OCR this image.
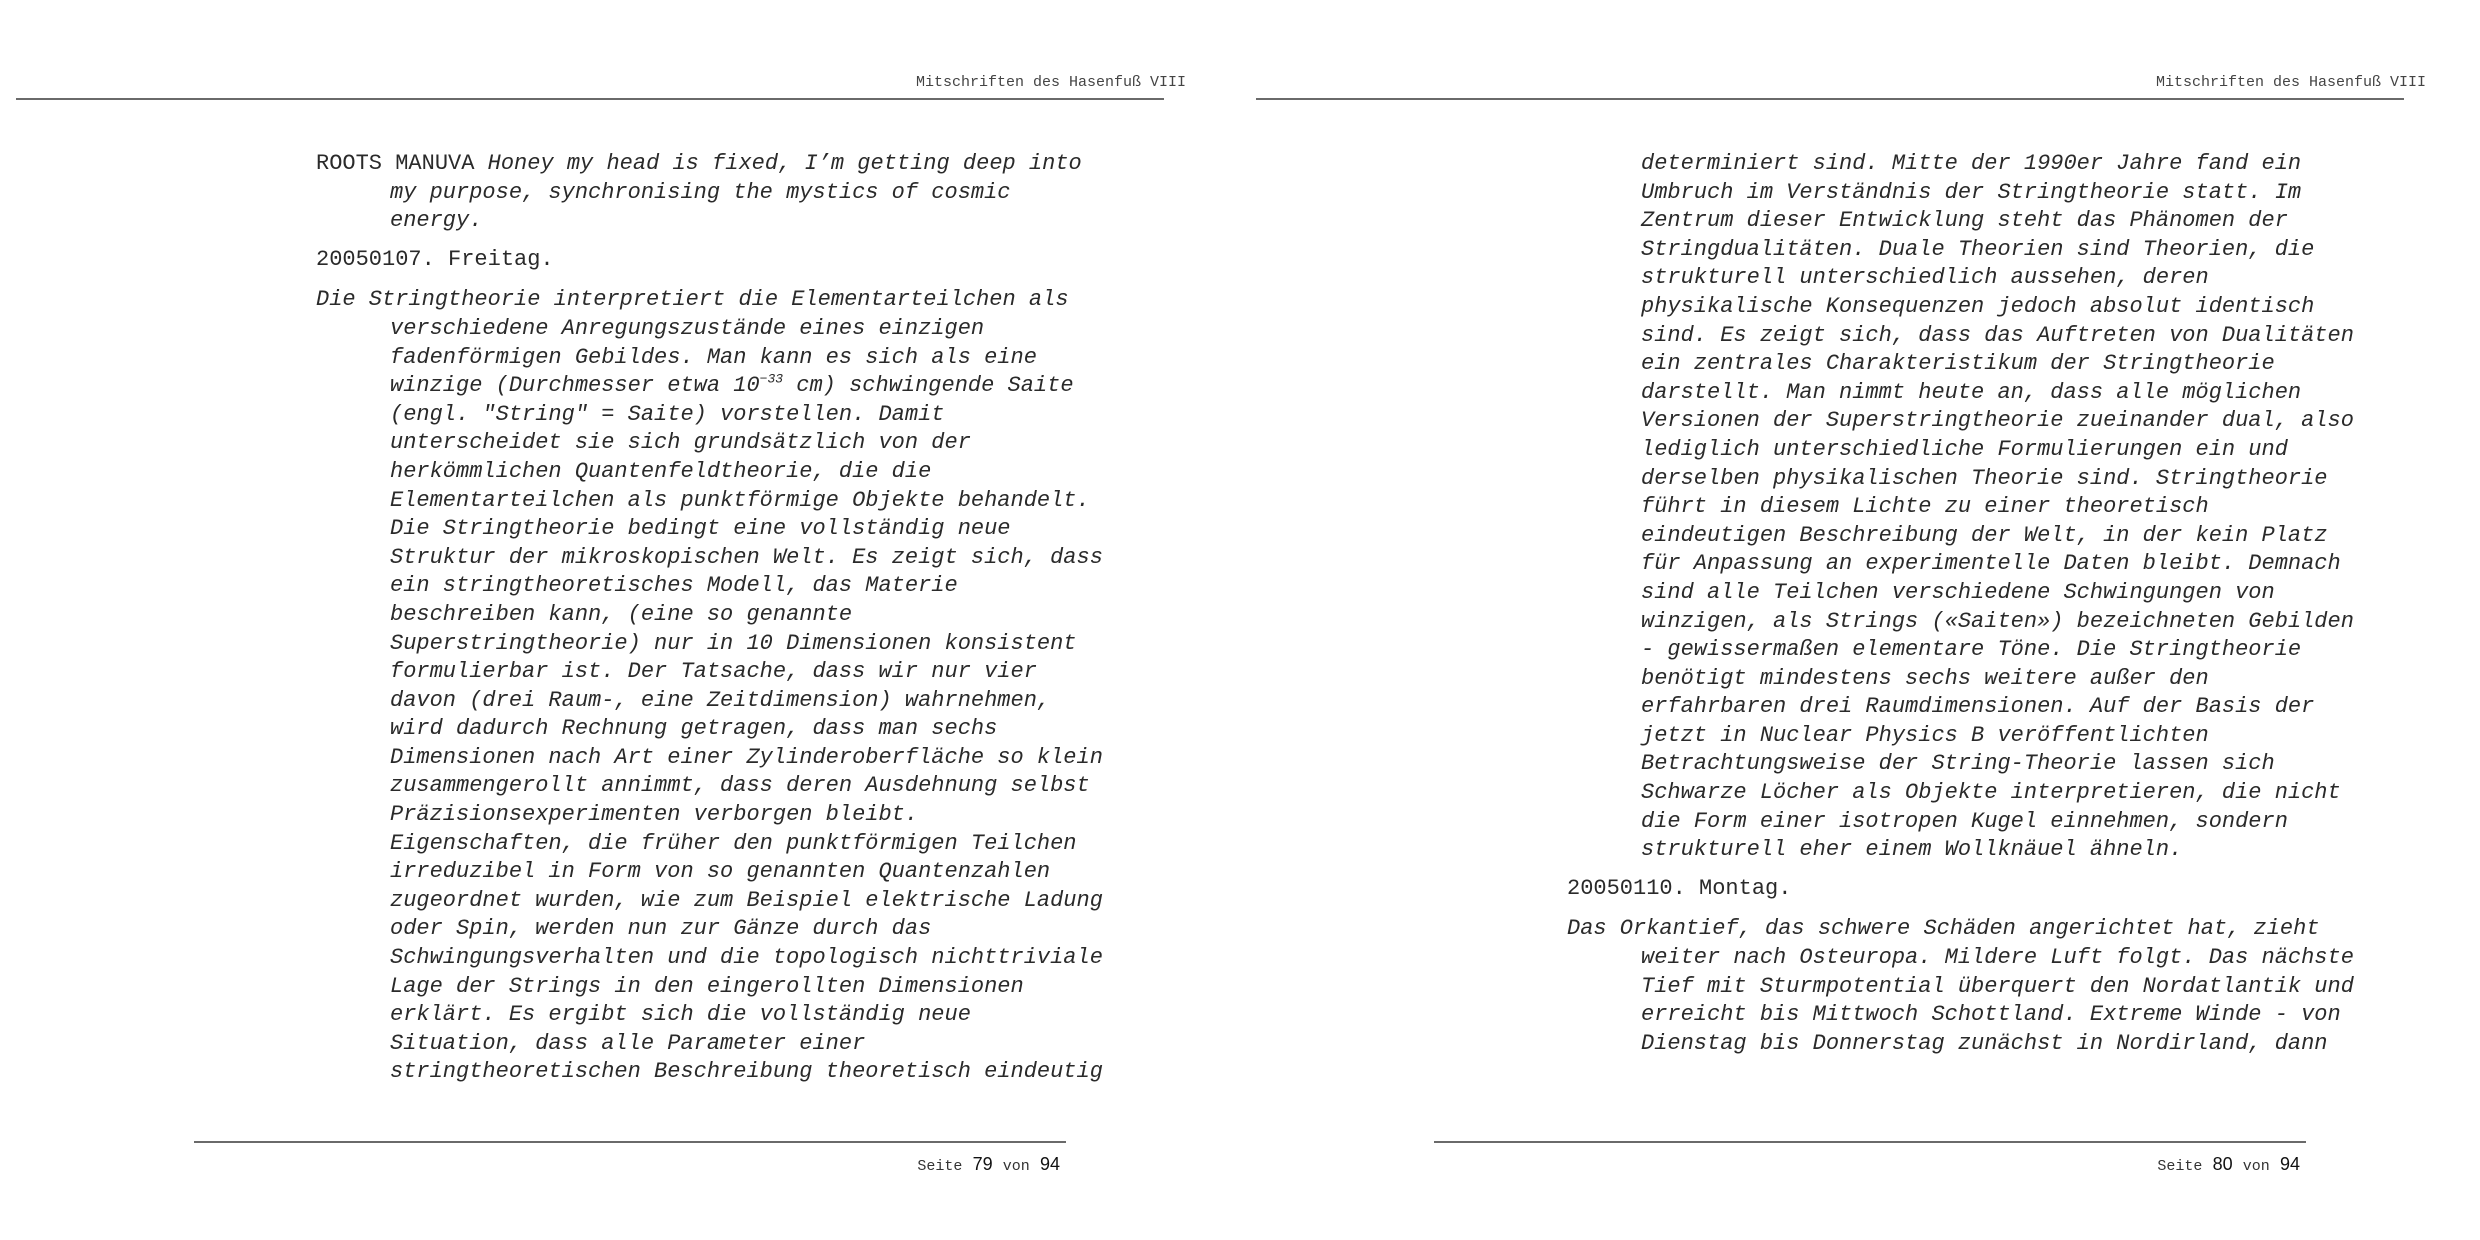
Mitschriften des Hasenfuß VIII

ROOTS MANUVA Honey my head is fixed, I’m getting deep into my purpose, synchronising the mystics of cosmic energy.

20050107. Freitag.

Die Stringtheorie interpretiert die Elementarteilchen als verschiedene Anregungszustände eines einzigen fadenförmigen Gebildes. Man kann es sich als eine winzige (Durchmesser etwa $10^{-33}$ cm) schwingende Saite (engl. "String" = Saite) vorstellen. Damit unterscheidet sie sich grundsätzlich von der herkömmlichen Quantenfeldtheorie, die die Elementarteilchen als punktförmige Objekte behandelt. Die Stringtheorie bedingt eine vollständig neue Struktur der mikroskopischen Welt. Es zeigt sich, dass ein stringtheoretisches Modell, das Materie beschreiben kann, (eine so genannte Superstringtheorie) nur in 10 Dimensionen konsistent formulierbar ist. Der Tatsache, dass wir nur vier davon (drei Raum-, eine Zeitdimension) wahrnehmen, wird dadurch Rechnung getragen, dass man sechs Dimensionen nach Art einer Zylinderoberfläche so klein zusammengerollt annimmt, dass deren Ausdehnung selbst Präzisionsexperimenten verborgen bleibt. Eigenschaften, die früher den punktförmigen Teilchen irreduzibel in Form von so genannten Quantenzahlen zugeordnet wurden, wie zum Beispiel elektrische Ladung oder Spin, werden nun zur Gänze durch das Schwingungsverhalten und die topologisch nichttriviale Lage der Strings in den eingerollten Dimensionen erklärt. Es ergibt sich die vollständig neue Situation, dass alle Parameter einer stringtheoretischen Beschreibung theoretisch eindeutig

Seite 79 von 94
Mitschriften des Hasenfuß VIII

determiniert sind. Mitte der 1990er Jahre fand ein Umbruch im Verständnis der Stringtheorie statt. Im Zentrum dieser Entwicklung steht das Phänomen der Stringdualitäten. Duale Theorien sind Theorien, die strukturell unterschiedlich aussehen, deren physikalische Konsequenzen jedoch absolut identisch sind. Es zeigt sich, dass das Auftreten von Dualitäten ein zentrales Charakteristikum der Stringtheorie darstellt. Man nimmt heute an, dass alle möglichen Versionen der Superstringtheorie zueinander dual, also lediglich unterschiedliche Formulierungen ein und derselben physikalischen Theorie sind. Stringtheorie führt in diesem Lichte zu einer theoretisch eindeutigen Beschreibung der Welt, in der kein Platz für Anpassung an experimentelle Daten bleibt. Demnach sind alle Teilchen verschiedene Schwingungen von winzigen, als Strings («Saiten») bezeichneten Gebilden - gewissermaßen elementare Töne. Die Stringtheorie benötigt mindestens sechs weitere außer den erfahrbaren drei Raumdimensionen. Auf der Basis der jetzt in Nuclear Physics B veröffentlichten Betrachtungsweise der String-Theorie lassen sich Schwarze Löcher als Objekte interpretieren, die nicht die Form einer isotropen Kugel einnehmen, sondern strukturell eher einem Wollknäuel ähneln.

20050110. Montag.

Das Orkantief, das schwere Schäden angerichtet hat, zieht weiter nach Osteuropa. Mildere Luft folgt. Das nächste Tief mit Sturmpotential überquert den Nordatlantik und erreicht bis Mittwoch Schottland. Extreme Winde - von Dienstag bis Donnerstag zunächst in Nordirland, dann

Seite 80 von 94
